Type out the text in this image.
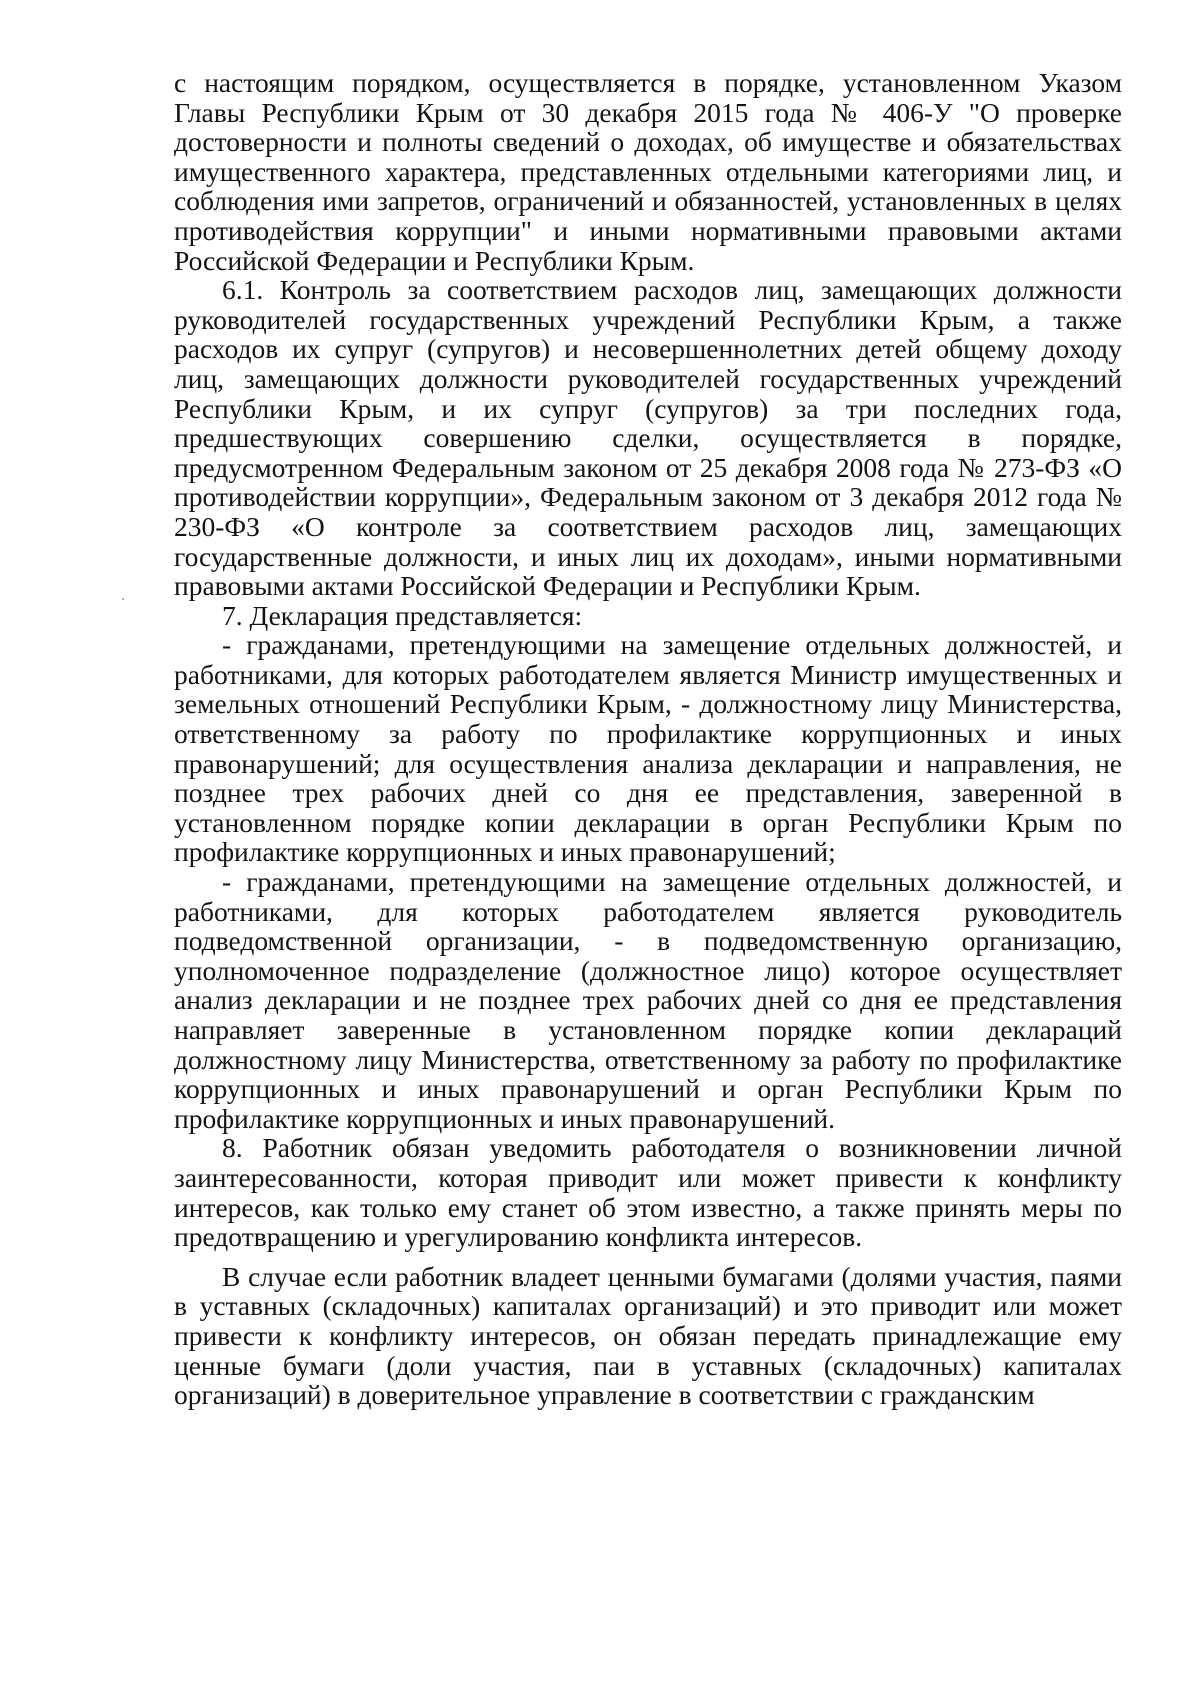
с настоящим порядком, осуществляется в порядке, установленном Указом Главы Республики Крым от 30 декабря 2015 года № 406-У "О проверке достоверности и полноты сведений о доходах, об имуществе и обязательствах имущественного характера, представленных отдельными категориями лиц, и соблюдения ими запретов, ограничений и обязанностей, установленных в целях противодействия коррупции" и иными нормативными правовыми актами Российской Федерации и Республики Крым.

6.1. Контроль за соответствием расходов лиц, замещающих должности руководителей государственных учреждений Республики Крым, а также расходов их супруг (супругов) и несовершеннолетних детей общему доходу лиц, замещающих должности руководителей государственных учреждений Республики Крым, и их супруг (супругов) за три последних года, предшествующих совершению сделки, осуществляется в порядке, предусмотренном Федеральным законом от 25 декабря 2008 года № 273-ФЗ «О противодействии коррупции», Федеральным законом от 3 декабря 2012 года № 230-ФЗ «О контроле за соответствием расходов лиц, замещающих государственные должности, и иных лиц их доходам», иными нормативными правовыми актами Российской Федерации и Республики Крым.

7. Декларация представляется:

- гражданами, претендующими на замещение отдельных должностей, и работниками, для которых работодателем является Министр имущественных и земельных отношений Республики Крым, - должностному лицу Министерства, ответственному за работу по профилактике коррупционных и иных правонарушений; для осуществления анализа декларации и направления, не позднее трех рабочих дней со дня ее представления, заверенной в установленном порядке копии декларации в орган Республики Крым по профилактике коррупционных и иных правонарушений;

- гражданами, претендующими на замещение отдельных должностей, и работниками, для которых работодателем является руководитель подведомственной организации, - в подведомственную организацию, уполномоченное подразделение (должностное лицо) которое осуществляет анализ декларации и не позднее трех рабочих дней со дня ее представления направляет заверенные в установленном порядке копии деклараций должностному лицу Министерства, ответственному за работу по профилактике коррупционных и иных правонарушений и орган Республики Крым по профилактике коррупционных и иных правонарушений.

8. Работник обязан уведомить работодателя о возникновении личной заинтересованности, которая приводит или может привести к конфликту интересов, как только ему станет об этом известно, а также принять меры по предотвращению и урегулированию конфликта интересов.

В случае если работник владеет ценными бумагами (долями участия, паями в уставных (складочных) капиталах организаций) и это приводит или может привести к конфликту интересов, он обязан передать принадлежащие ему ценные бумаги (доли участия, паи в уставных (складочных) капиталах организаций) в доверительное управление в соответствии с гражданским
